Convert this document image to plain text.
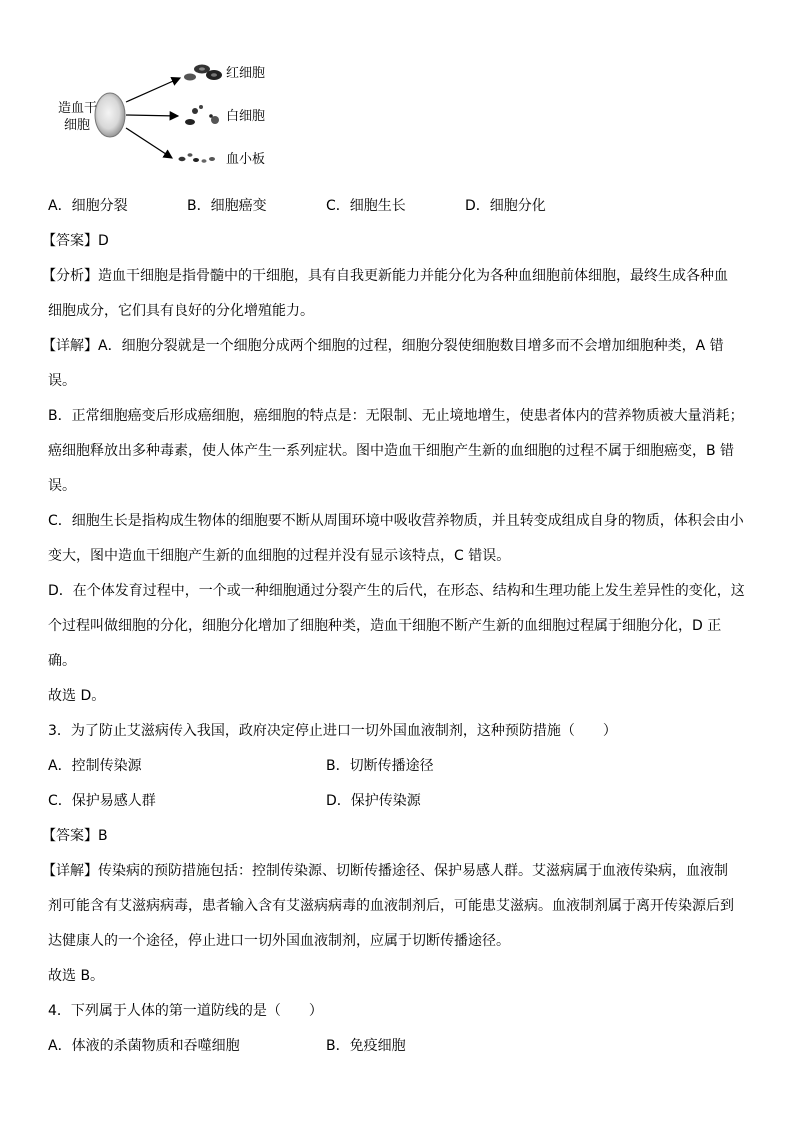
造血干
细胞
红细胞
白细胞
血小板
A．细胞分裂	B．细胞癌变	C．细胞生长	D．细胞分化
【答案】D
【分析】造血干细胞是指骨髓中的干细胞，具有自我更新能力并能分化为各种血细胞前体细胞，最终生成各种血
细胞成分，它们具有良好的分化增殖能力。
【详解】A．细胞分裂就是一个细胞分成两个细胞的过程，细胞分裂使细胞数目增多而不会增加细胞种类，A 错
误。
B．正常细胞癌变后形成癌细胞，癌细胞的特点是：无限制、无止境地增生，使患者体内的营养物质被大量消耗；
癌细胞释放出多种毒素，使人体产生一系列症状。图中造血干细胞产生新的血细胞的过程不属于细胞癌变，B 错
误。
C．细胞生长是指构成生物体的细胞要不断从周围环境中吸收营养物质，并且转变成组成自身的物质，体积会由小
变大，图中造血干细胞产生新的血细胞的过程并没有显示该特点，C 错误。
D．在个体发育过程中，一个或一种细胞通过分裂产生的后代，在形态、结构和生理功能上发生差异性的变化，这
个过程叫做细胞的分化，细胞分化增加了细胞种类，造血干细胞不断产生新的血细胞过程属于细胞分化，D 正
确。
故选 D。
3．为了防止艾滋病传入我国，政府决定停止进口一切外国血液制剂，这种预防措施（　　）
A．控制传染源	B．切断传播途径
C．保护易感人群	D．保护传染源
【答案】B
【详解】传染病的预防措施包括：控制传染源、切断传播途径、保护易感人群。艾滋病属于血液传染病，血液制
剂可能含有艾滋病病毒，患者输入含有艾滋病病毒的血液制剂后，可能患艾滋病。血液制剂属于离开传染源后到
达健康人的一个途径，停止进口一切外国血液制剂，应属于切断传播途径。
故选 B。
4．下列属于人体的第一道防线的是（　　）
A．体液的杀菌物质和吞噬细胞	B．免疫细胞
